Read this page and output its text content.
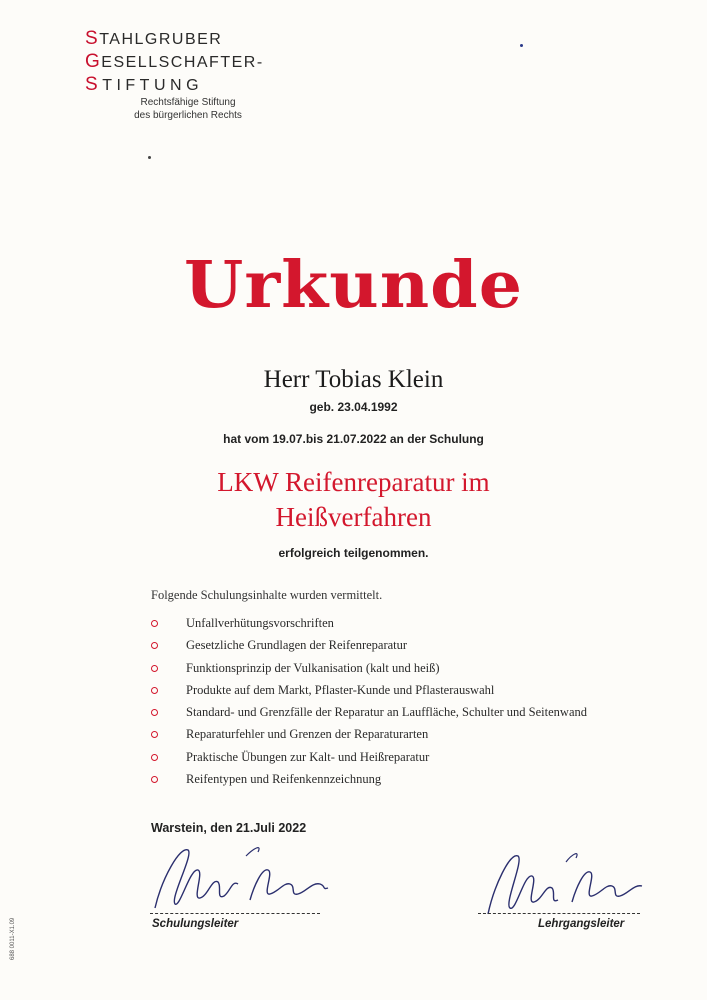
STAHLGRUBER
GESELLSCHAFTER-
STIFTUNG
Rechtsfähige Stiftung
des bürgerlichen Rechts
Urkunde
Herr Tobias Klein
geb. 23.04.1992
hat vom 19.07.bis 21.07.2022 an der Schulung
LKW Reifenreparatur im
Heißverfahren
erfolgreich teilgenommen.
Folgende Schulungsinhalte wurden vermittelt.
Unfallverhütungsvorschriften
Gesetzliche Grundlagen der Reifenreparatur
Funktionsprinzip der Vulkanisation (kalt und heiß)
Produkte auf dem Markt, Pflaster-Kunde und Pflasterauswahl
Standard- und Grenzfälle der Reparatur an Lauffläche, Schulter und Seitenwand
Reparaturfehler und Grenzen der Reparaturarten
Praktische Übungen zur Kalt- und Heißreparatur
Reifentypen und Reifenkennzeichnung
Warstein, den 21.Juli 2022
Schulungsleiter	Lehrgangsleiter
688 0011-X1.09
